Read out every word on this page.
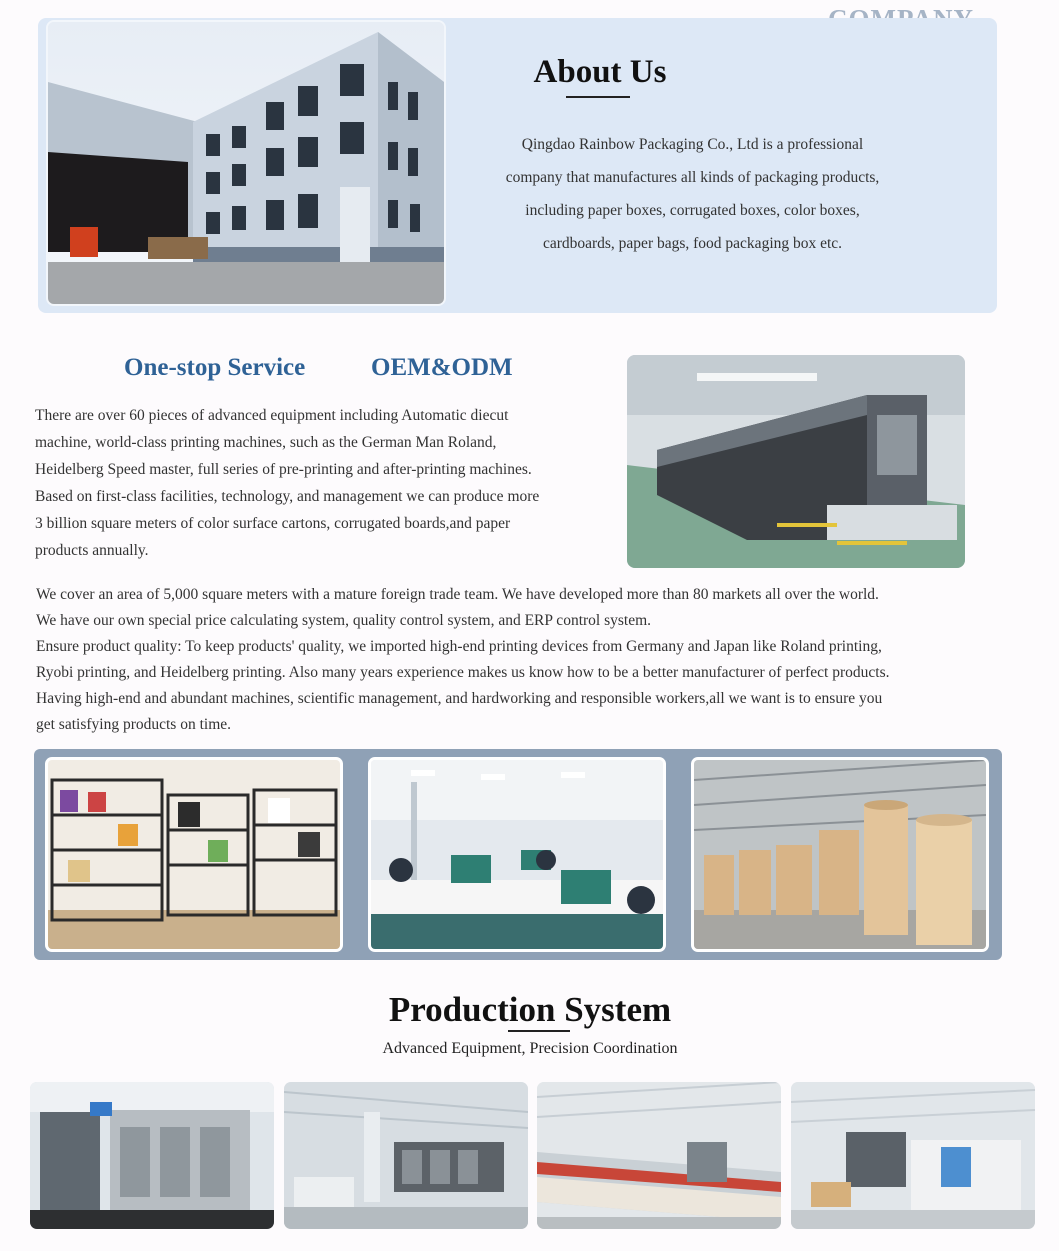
About Us
Qingdao Rainbow Packaging Co., Ltd is a professional
company that manufactures all kinds of packaging products,
including paper boxes, corrugated boxes, color boxes,
cardboards, paper bags, food packaging box etc.
One-stop Service	OEM&ODM
There are over 60 pieces of advanced equipment including Automatic diecut
machine, world-class printing machines, such as the German Man Roland,
Heidelberg Speed master, full series of pre-printing and after-printing machines.
Based on first-class facilities, technology, and management we can produce more
3 billion square meters of color surface cartons, corrugated boards,and paper
products annually.

We cover an area of 5,000 square meters with a mature foreign trade team. We have developed more than 80 markets all over the world.

We have our own special price calculating system, quality control system, and ERP control system.

Ensure product quality: To keep products' quality, we imported high-end printing devices from Germany and Japan like Roland printing,

Ryobi printing, and Heidelberg printing. Also many years experience makes us know how to be a better manufacturer of perfect products.

Having high-end and abundant machines, scientific management, and hardworking and responsible workers,all we want is to ensure you

get satisfying products on time.

Production System
Advanced Equipment, Precision Coordination
